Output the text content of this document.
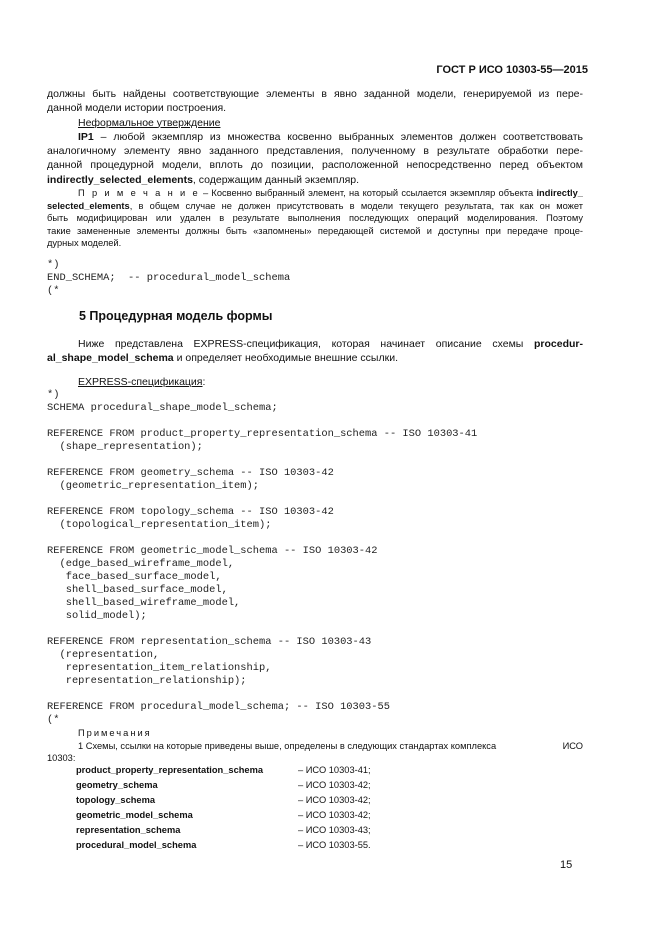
ГОСТ Р ИСО 10303-55—2015
должны быть найдены соответствующие элементы в явно заданной модели, генерируемой из пере-
данной модели истории построения.
Неформальное утверждение
IP1 – любой экземпляр из множества косвенно выбранных элементов должен соответствовать
аналогичному элементу явно заданного представления, полученному в результате обработки пере-
данной процедурной модели, вплоть до позиции, расположенной непосредственно перед объектом
indirectly_selected_elements, содержащим данный экземпляр.
П р и м е ч а н и е – Косвенно выбранный элемент, на который ссылается экземпляр объекта indirectly_
selected_elements, в общем случае не должен присутствовать в модели текущего результата, так как он может
быть модифицирован или удален в результате выполнения последующих операций моделирования. Поэтому
такие замененные элементы должны быть «запомнены» передающей системой и доступны при передаче проце-
дурных моделей.
*)
END_SCHEMA;  -- procedural_model_schema
(*
5 Процедурная модель формы
Ниже представлена EXPRESS-спецификация, которая начинает описание схемы procedur-
al_shape_model_schema и определяет необходимые внешние ссылки.
EXPRESS-спецификация:
*)
SCHEMA procedural_shape_model_schema;

REFERENCE FROM product_property_representation_schema -- ISO 10303-41
(shape_representation);

REFERENCE FROM geometry_schema -- ISO 10303-42
(geometric_representation_item);

REFERENCE FROM topology_schema -- ISO 10303-42
(topological_representation_item);

REFERENCE FROM geometric_model_schema -- ISO 10303-42
(edge_based_wireframe_model,
face_based_surface_model,
shell_based_surface_model,
shell_based_wireframe_model,
solid_model);

REFERENCE FROM representation_schema -- ISO 10303-43
(representation,
representation_item_relationship,
representation_relationship);

REFERENCE FROM procedural_model_schema; -- ISO 10303-55
(*
Примечания
1 Схемы, ссылки на которые приведены выше, определены в следующих стандартах комплекса	ИСО
10303:
product_property_representation_schema	– ИСО 10303-41;
geometry_schema	– ИСО 10303-42;
topology_schema	– ИСО 10303-42;
geometric_model_schema	– ИСО 10303-42;
representation_schema	– ИСО 10303-43;
procedural_model_schema	– ИСО 10303-55.
15
